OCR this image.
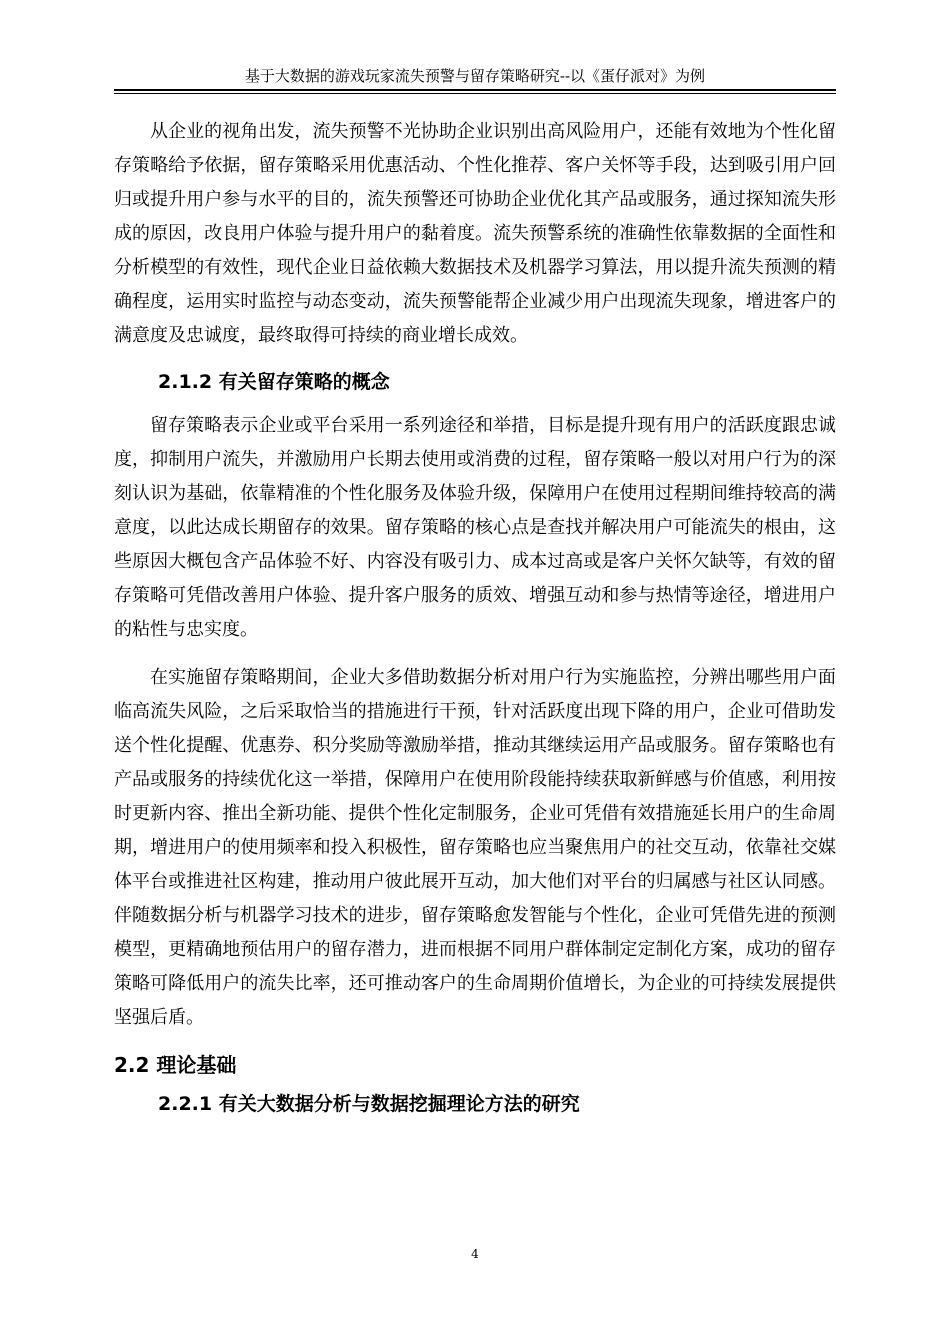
基于大数据的游戏玩家流失预警与留存策略研究--以《蛋仔派对》为例

从企业的视角出发，流失预警不光协助企业识别出高风险用户，还能有效地为个性化留存策略给予依据，留存策略采用优惠活动、个性化推荐、客户关怀等手段，达到吸引用户回归或提升用户参与水平的目的，流失预警还可协助企业优化其产品或服务，通过探知流失形成的原因，改良用户体验与提升用户的黏着度。流失预警系统的准确性依靠数据的全面性和分析模型的有效性，现代企业日益依赖大数据技术及机器学习算法，用以提升流失预测的精确程度，运用实时监控与动态变动，流失预警能帮企业减少用户出现流失现象，增进客户的满意度及忠诚度，最终取得可持续的商业增长成效。

2.1.2 有关留存策略的概念

留存策略表示企业或平台采用一系列途径和举措，目标是提升现有用户的活跃度跟忠诚度，抑制用户流失，并激励用户长期去使用或消费的过程，留存策略一般以对用户行为的深刻认识为基础，依靠精准的个性化服务及体验升级，保障用户在使用过程期间维持较高的满意度，以此达成长期留存的效果。留存策略的核心点是查找并解决用户可能流失的根由，这些原因大概包含产品体验不好、内容没有吸引力、成本过高或是客户关怀欠缺等，有效的留存策略可凭借改善用户体验、提升客户服务的质效、增强互动和参与热情等途径，增进用户的粘性与忠实度。

在实施留存策略期间，企业大多借助数据分析对用户行为实施监控，分辨出哪些用户面临高流失风险，之后采取恰当的措施进行干预，针对活跃度出现下降的用户，企业可借助发送个性化提醒、优惠券、积分奖励等激励举措，推动其继续运用产品或服务。留存策略也有产品或服务的持续优化这一举措，保障用户在使用阶段能持续获取新鲜感与价值感，利用按时更新内容、推出全新功能、提供个性化定制服务，企业可凭借有效措施延长用户的生命周期，增进用户的使用频率和投入积极性，留存策略也应当聚焦用户的社交互动，依靠社交媒体平台或推进社区构建，推动用户彼此展开互动，加大他们对平台的归属感与社区认同感。伴随数据分析与机器学习技术的进步，留存策略愈发智能与个性化，企业可凭借先进的预测模型，更精确地预估用户的留存潜力，进而根据不同用户群体制定定制化方案，成功的留存策略可降低用户的流失比率，还可推动客户的生命周期价值增长，为企业的可持续发展提供坚强后盾。

2.2 理论基础
2.2.1 有关大数据分析与数据挖掘理论方法的研究
4
